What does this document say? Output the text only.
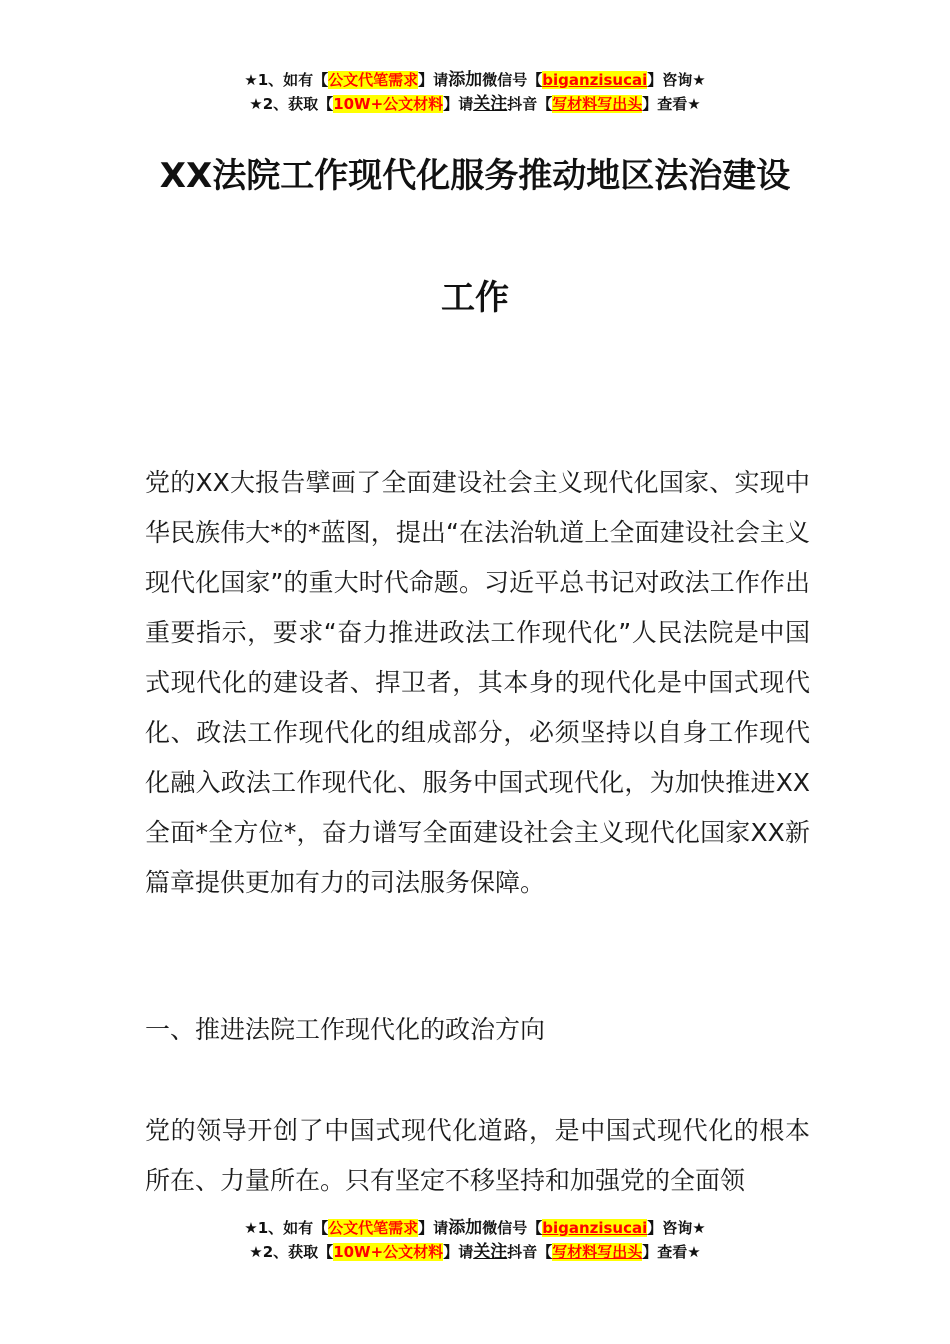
★1、如有【公文代笔需求】请添加微信号【biganzisucai】咨询★
★2、获取【10W+公文材料】请关注抖音【写材料写出头】查看★
XX法院工作现代化服务推动地区法治建设
工作
党的XX大报告擘画了全面建设社会主义现代化国家、实现中华民族伟大*的*蓝图，提出“在法治轨道上全面建设社会主义现代化国家”的重大时代命题。习近平总书记对政法工作作出重要指示，要求“奋力推进政法工作现代化”人民法院是中国式现代化的建设者、捍卫者，其本身的现代化是中国式现代化、政法工作现代化的组成部分，必须坚持以自身工作现代化融入政法工作现代化、服务中国式现代化，为加快推进XX全面*全方位*，奋力谱写全面建设社会主义现代化国家XX新篇章提供更加有力的司法服务保障。
一、推进法院工作现代化的政治方向
党的领导开创了中国式现代化道路，是中国式现代化的根本所在、力量所在。只有坚定不移坚持和加强党的全面领
★1、如有【公文代笔需求】请添加微信号【biganzisucai】咨询★
★2、获取【10W+公文材料】请关注抖音【写材料写出头】查看★
